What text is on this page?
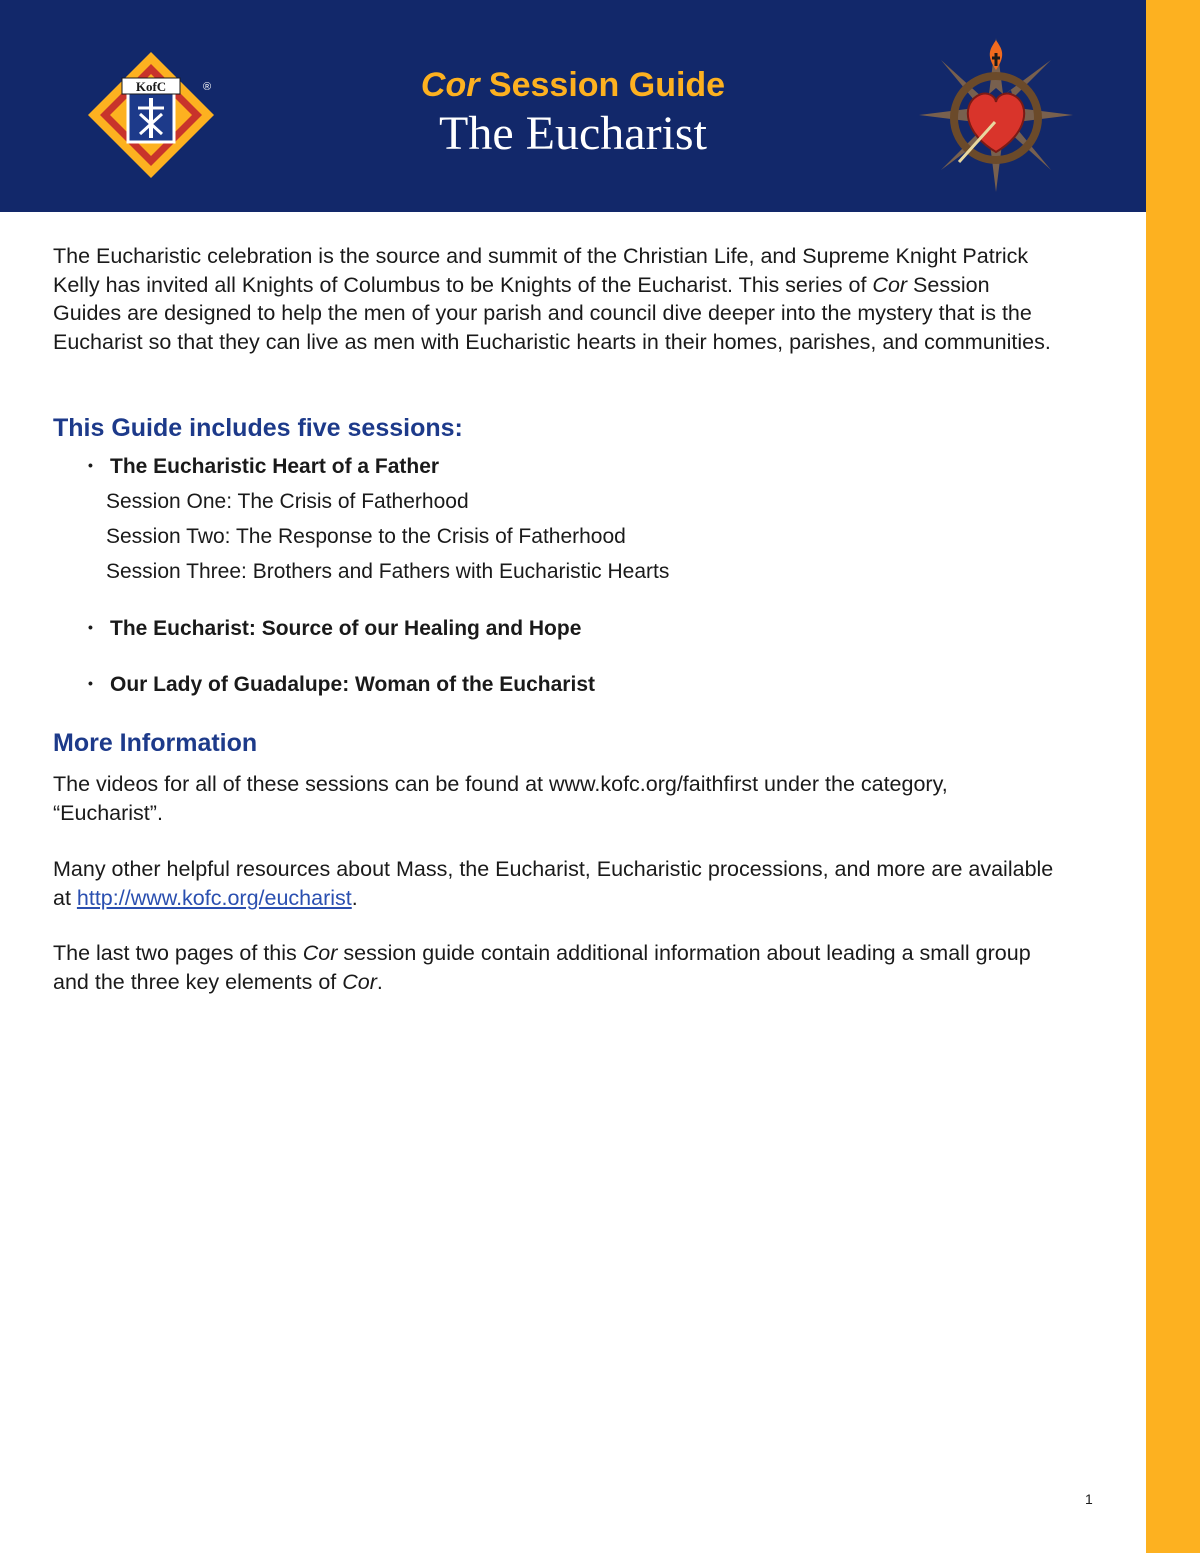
KofC	®	Cor Session Guide
The Eucharist

The Eucharistic celebration is the source and summit of the Christian Life, and Supreme Knight Patrick Kelly has invited all Knights of Columbus to be Knights of the Eucharist. This series of Cor Session Guides are designed to help the men of your parish and council dive deeper into the mystery that is the Eucharist so that they can live as men with Eucharistic hearts in their homes, parishes, and communities.

This Guide includes five sessions:
• The Eucharistic Heart of a Father
Session One: The Crisis of Fatherhood
Session Two: The Response to the Crisis of Fatherhood
Session Three: Brothers and Fathers with Eucharistic Hearts
• The Eucharist: Source of our Healing and Hope
• Our Lady of Guadalupe: Woman of the Eucharist
More Information

The videos for all of these sessions can be found at www.kofc.org/faithfirst under the category, “Eucharist”.

Many other helpful resources about Mass, the Eucharist, Eucharistic processions, and more are available at http://www.kofc.org/eucharist.

The last two pages of this Cor session guide contain additional information about leading a small group and the three key elements of Cor.

1
